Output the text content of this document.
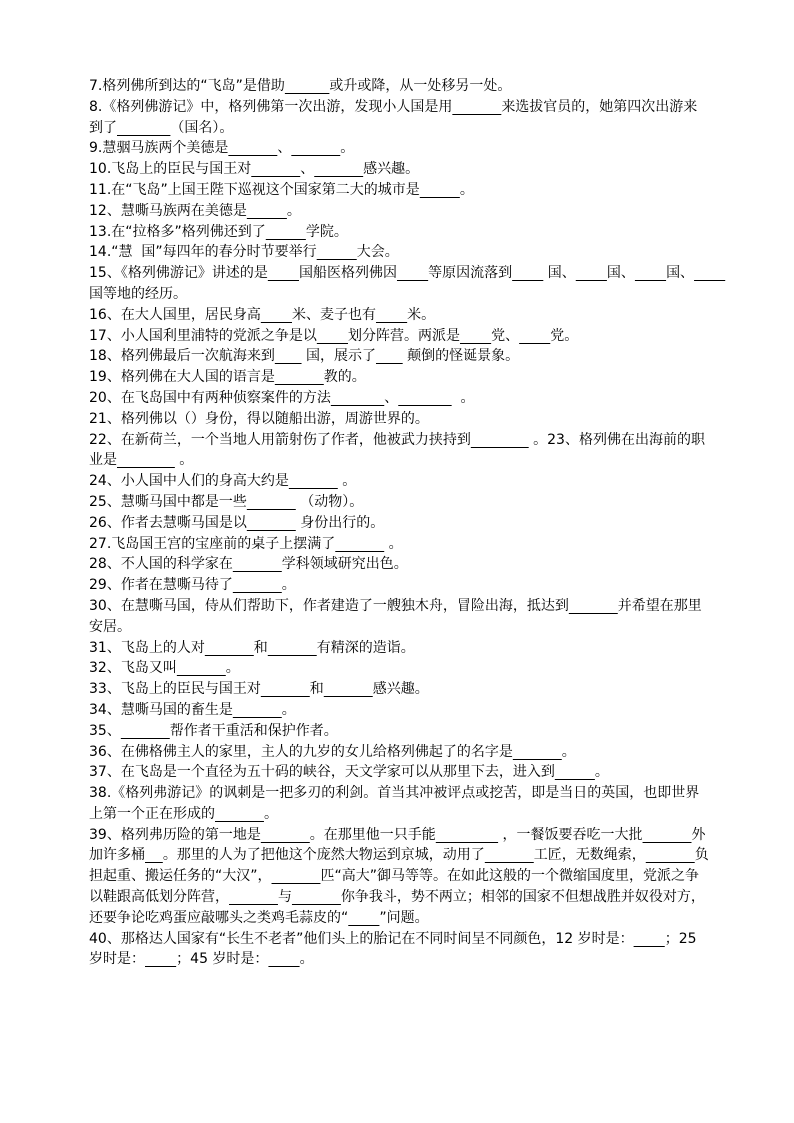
7.格列佛所到达的“飞岛”是借助	或升或降，从一处移另一处。

8.《格列佛游记》中，格列佛第一次出游，发现小人国是用	来选拔官员的，她第四次出游来到了	（国名）。

9.慧骃马族两个美德是	、	。

10.飞岛上的臣民与国王对	、	感兴趣。

11.在“飞岛”上国王陛下巡视这个国家第二大的城市是	。

12、慧嘶马族两在美德是	。

13.在“拉格多”格列佛还到了	学院。

14.“慧  国”每四年的春分时节要举行	大会。

15、《格列佛游记》讲述的是 国船医格列佛因 等原因流落到        国、 国、 国、        国等地的经历。

16、在大人国里，居民身高 米、麦子也有 米。

17、小人国利里浦特的党派之争是以 划分阵营。两派是 党、 党。

18、格列佛最后一次航海来到       国，展示了       颠倒的怪诞景象。

19、格列佛在大人国的语言是	教的。

20、在飞岛国中有两种侦察案件的方法	、	。

21、格列佛以（）身份，得以随船出游，周游世界的。

22、在新荷兰，一个当地人用箭射伤了作者，他被武力挟持到	。23、格列佛在出海前的职业是	。

24、小人国中人们的身高大约是	。

25、慧嘶马国中都是一些	（动物）。

26、作者去慧嘶马国是以	身份出行的。

27.飞岛国王宫的宝座前的桌子上摆满了	。

28、不人国的科学家在	学科领域研究出色。

29、作者在慧嘶马待了	。

30、在慧嘶马国，侍从们帮助下，作者建造了一艘独木舟，冒险出海，抵达到	并希望在那里安居。

31、飞岛上的人对	和	有精深的造诣。

32、飞岛又叫	。

33、飞岛上的臣民与国王对	和	感兴趣。

34、慧嘶马国的畜生是	。

35、	帮作者干重活和保护作者。

36、在佛格佛主人的家里，主人的九岁的女儿给格列佛起了的名字是	。

37、在飞岛是一个直径为五十码的峡谷，天文学家可以从那里下去，进入到	。

38.《格列弗游记》的讽刺是一把多刃的利剑。首当其冲被评点或挖苦，即是当日的英国，也即世界上第一个正在形成的	。

39、格列弗历险的第一地是	。在那里他一只手能	，一餐饭要吞吃一大批	外加许多桶 。那里的人为了把他这个庞然大物运到京城，动用了	工匠，无数绳索，	负担起重、搬运任务的“大汉”，	匹“高大”御马等等。在如此这般的一个微缩国度里，党派之争以鞋跟高低划分阵营，	与	你争我斗，势不两立；相邻的国家不但想战胜并奴役对方，还要争论吃鸡蛋应敲哪头之类鸡毛蒜皮的“ ”问题。

40、那格达人国家有“长生不老者”他们头上的胎记在不同时间呈不同颜色，12 岁时是： ；25 岁时是： ；45 岁时是： 。
